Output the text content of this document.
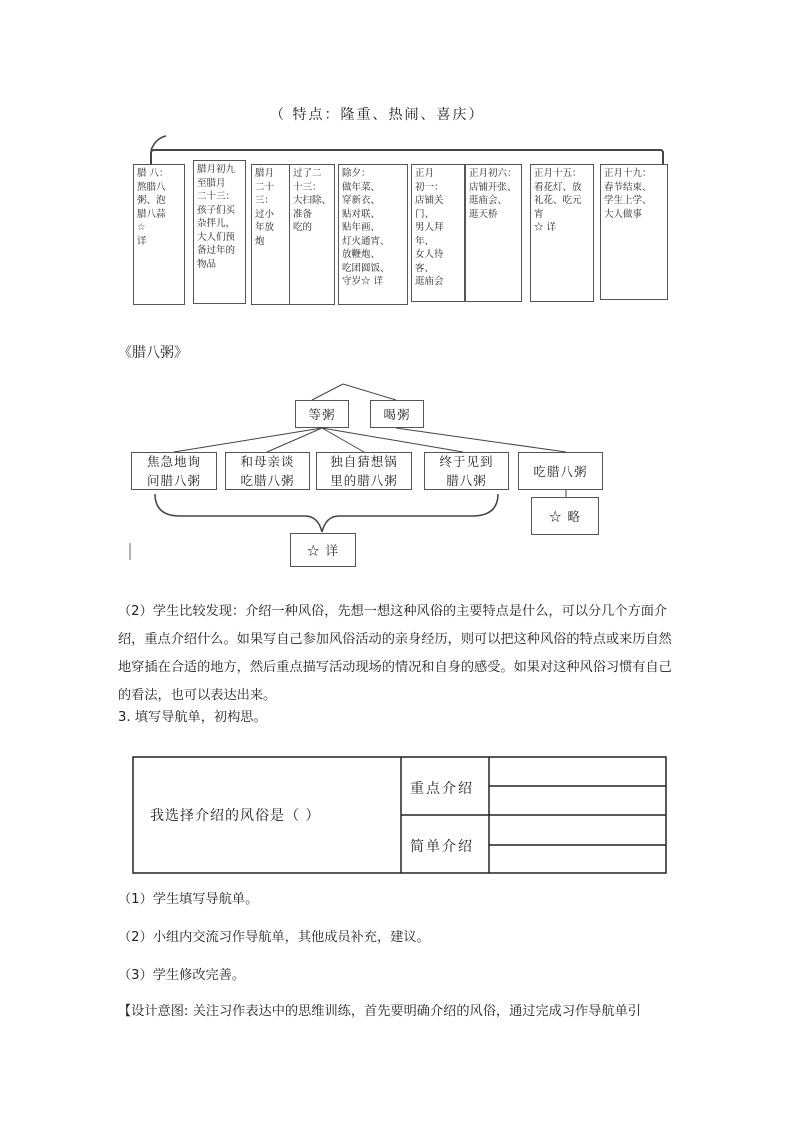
（ 特点：隆重、热闹、喜庆）
腊 八：
熬腊八
粥、泡
腊八蒜
☆
详
腊月初九
至腊月
二十三：
孩子们买
杂拌儿，
大人们预
备过年的
物品
腊月
二十
三：
过小
年放
炮
过了二
十三：
大扫除、
准备
吃的
除夕：
做年菜、
穿新衣、
贴对联、
贴年画、
灯火通宵、
放鞭炮、
吃团圆饭、
守岁☆ 详
正月
初一：
店铺关门、
男人拜年、
女人待客、
逛庙会
正月初六：
店铺开张、
逛庙会、
逛天桥
正月十五：
看花灯、放
礼花、吃元
宵
☆ 详
正月十九：
春节结束、
学生上学、
大人做事
《腊八粥》
等粥	喝粥
焦急地询
问腊八粥
和母亲谈
吃腊八粥
独自猜想锅
里的腊八粥
终于见到
腊八粥
吃腊八粥
☆ 详
☆ 略
（2）学生比较发现：介绍一种风俗，先想一想这种风俗的主要特点是什么，可以分几个方面介绍，重点介绍什么。如果写自己参加风俗活动的亲身经历，则可以把这种风俗的特点或来历自然地穿插在合适的地方，然后重点描写活动现场的情况和自身的感受。如果对这种风俗习惯有自己的看法，也可以表达出来。
3. 填写导航单，初构思。
我选择介绍的风俗是（ ）
重点介绍
简单介绍
（1）学生填写导航单。
（2）小组内交流习作导航单，其他成员补充，建议。
（3）学生修改完善。
【设计意图: 关注习作表达中的思维训练，首先要明确介绍的风俗，通过完成习作导航单引
